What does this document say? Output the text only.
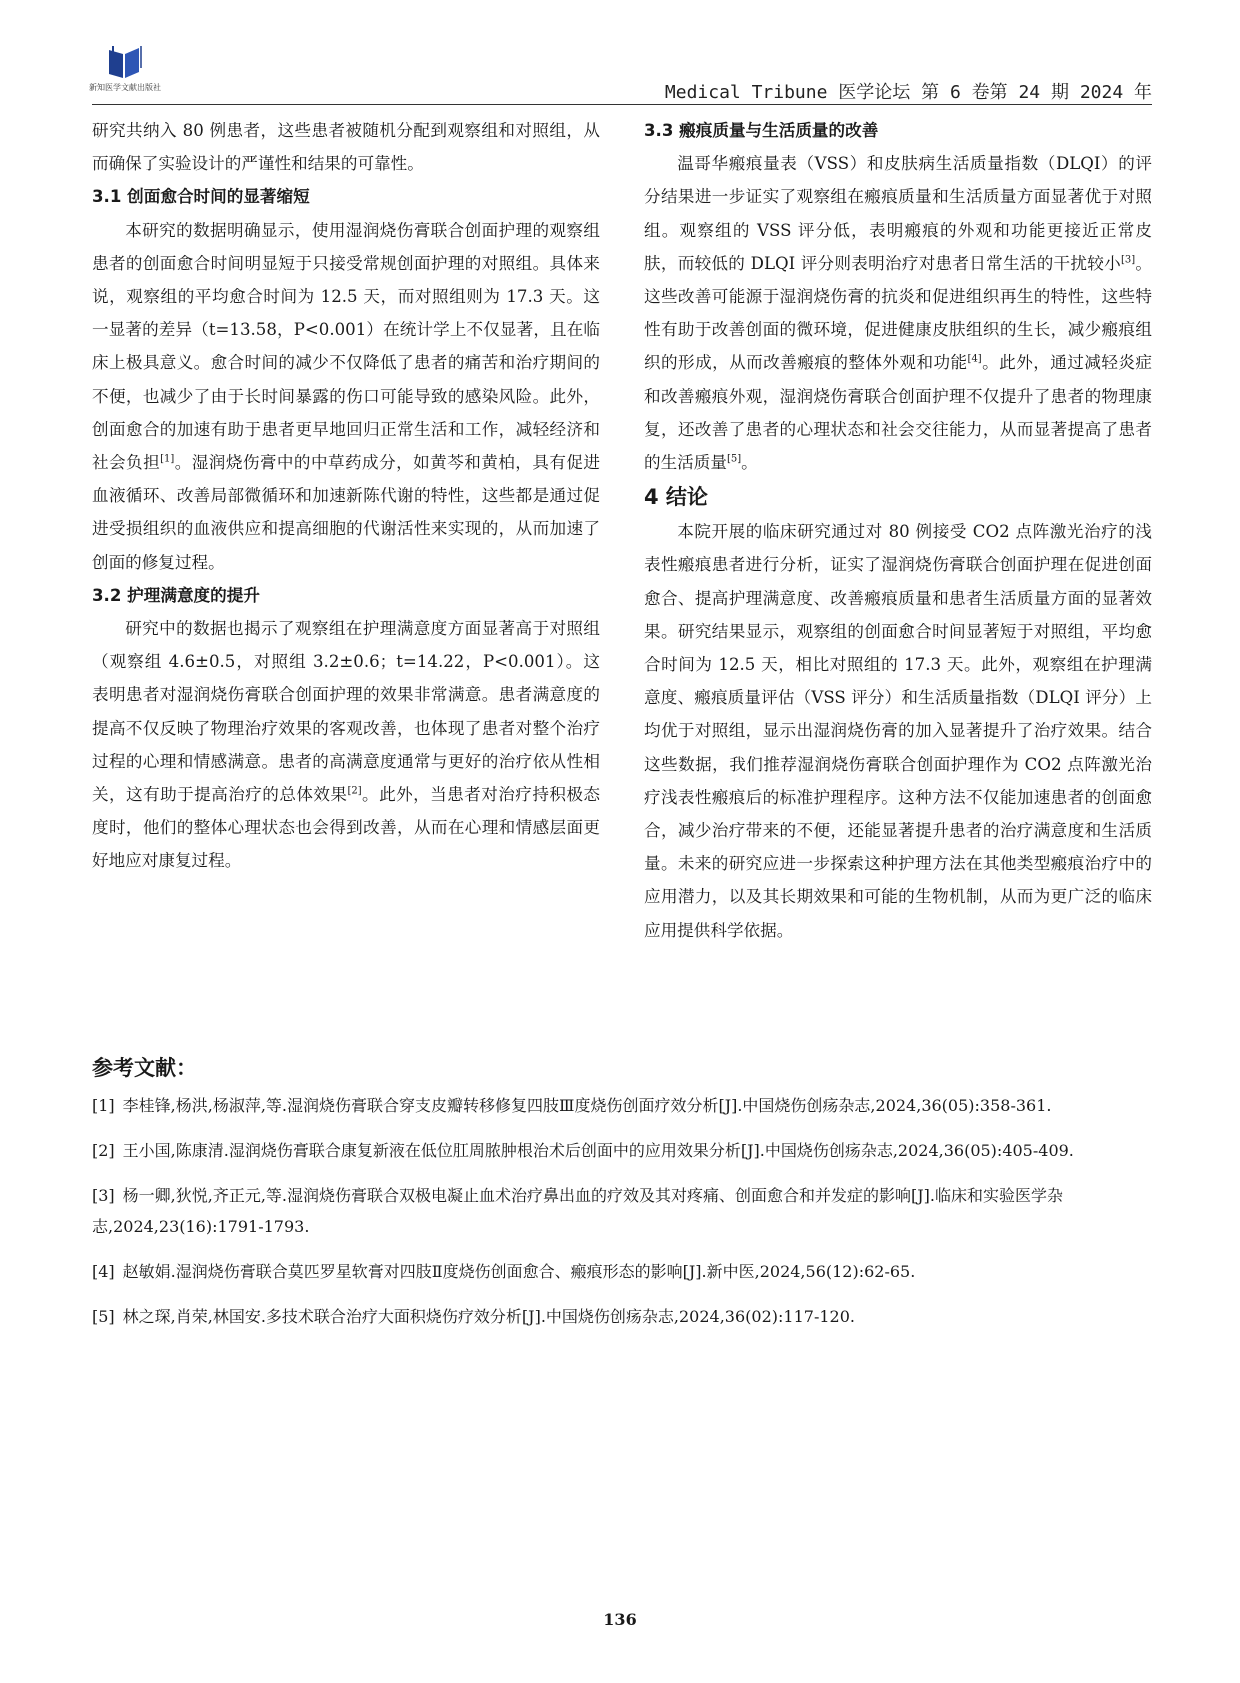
新知医学文献出版社	Medical Tribune 医学论坛 第 6 卷第 24 期 2024 年

研究共纳入 80 例患者，这些患者被随机分配到观察组和对照组，从而确保了实验设计的严谨性和结果的可靠性。

3.1 创面愈合时间的显著缩短

本研究的数据明确显示，使用湿润烧伤膏联合创面护理的观察组患者的创面愈合时间明显短于只接受常规创面护理的对照组。具体来说，观察组的平均愈合时间为 12.5 天，而对照组则为 17.3 天。这一显著的差异（t=13.58，P<0.001）在统计学上不仅显著，且在临床上极具意义。愈合时间的减少不仅降低了患者的痛苦和治疗期间的不便，也减少了由于长时间暴露的伤口可能导致的感染风险。此外，创面愈合的加速有助于患者更早地回归正常生活和工作，减轻经济和社会负担[1]。湿润烧伤膏中的中草药成分，如黄芩和黄柏，具有促进血液循环、改善局部微循环和加速新陈代谢的特性，这些都是通过促进受损组织的血液供应和提高细胞的代谢活性来实现的，从而加速了创面的修复过程。

3.2 护理满意度的提升

研究中的数据也揭示了观察组在护理满意度方面显著高于对照组（观察组 4.6±0.5，对照组 3.2±0.6；t=14.22，P<0.001）。这表明患者对湿润烧伤膏联合创面护理的效果非常满意。患者满意度的提高不仅反映了物理治疗效果的客观改善，也体现了患者对整个治疗过程的心理和情感满意。患者的高满意度通常与更好的治疗依从性相关，这有助于提高治疗的总体效果[2]。此外，当患者对治疗持积极态度时，他们的整体心理状态也会得到改善，从而在心理和情感层面更好地应对康复过程。

3.3 瘢痕质量与生活质量的改善

温哥华瘢痕量表（VSS）和皮肤病生活质量指数（DLQI）的评分结果进一步证实了观察组在瘢痕质量和生活质量方面显著优于对照组。观察组的 VSS 评分低，表明瘢痕的外观和功能更接近正常皮肤，而较低的 DLQI 评分则表明治疗对患者日常生活的干扰较小[3]。这些改善可能源于湿润烧伤膏的抗炎和促进组织再生的特性，这些特性有助于改善创面的微环境，促进健康皮肤组织的生长，减少瘢痕组织的形成，从而改善瘢痕的整体外观和功能[4]。此外，通过减轻炎症和改善瘢痕外观，湿润烧伤膏联合创面护理不仅提升了患者的物理康复，还改善了患者的心理状态和社会交往能力，从而显著提高了患者的生活质量[5]。

4 结论

本院开展的临床研究通过对 80 例接受 CO2 点阵激光治疗的浅表性瘢痕患者进行分析，证实了湿润烧伤膏联合创面护理在促进创面愈合、提高护理满意度、改善瘢痕质量和患者生活质量方面的显著效果。研究结果显示，观察组的创面愈合时间显著短于对照组，平均愈合时间为 12.5 天，相比对照组的 17.3 天。此外，观察组在护理满意度、瘢痕质量评估（VSS 评分）和生活质量指数（DLQI 评分）上均优于对照组，显示出湿润烧伤膏的加入显著提升了治疗效果。结合这些数据，我们推荐湿润烧伤膏联合创面护理作为 CO2 点阵激光治疗浅表性瘢痕后的标准护理程序。这种方法不仅能加速患者的创面愈合，减少治疗带来的不便，还能显著提升患者的治疗满意度和生活质量。未来的研究应进一步探索这种护理方法在其他类型瘢痕治疗中的应用潜力，以及其长期效果和可能的生物机制，从而为更广泛的临床应用提供科学依据。

参考文献：
[1] 李桂锋,杨洪,杨淑萍,等.湿润烧伤膏联合穿支皮瓣转移修复四肢Ⅲ度烧伤创面疗效分析[J].中国烧伤创疡杂志,2024,36(05):358-361.
[2] 王小国,陈康清.湿润烧伤膏联合康复新液在低位肛周脓肿根治术后创面中的应用效果分析[J].中国烧伤创疡杂志,2024,36(05):405-409.
[3] 杨一卿,狄悦,齐正元,等.湿润烧伤膏联合双极电凝止血术治疗鼻出血的疗效及其对疼痛、创面愈合和并发症的影响[J].临床和实验医学杂志,2024,23(16):1791-1793.
[4] 赵敏娟.湿润烧伤膏联合莫匹罗星软膏对四肢Ⅱ度烧伤创面愈合、瘢痕形态的影响[J].新中医,2024,56(12):62-65.
[5] 林之琛,肖荣,林国安.多技术联合治疗大面积烧伤疗效分析[J].中国烧伤创疡杂志,2024,36(02):117-120.
136
